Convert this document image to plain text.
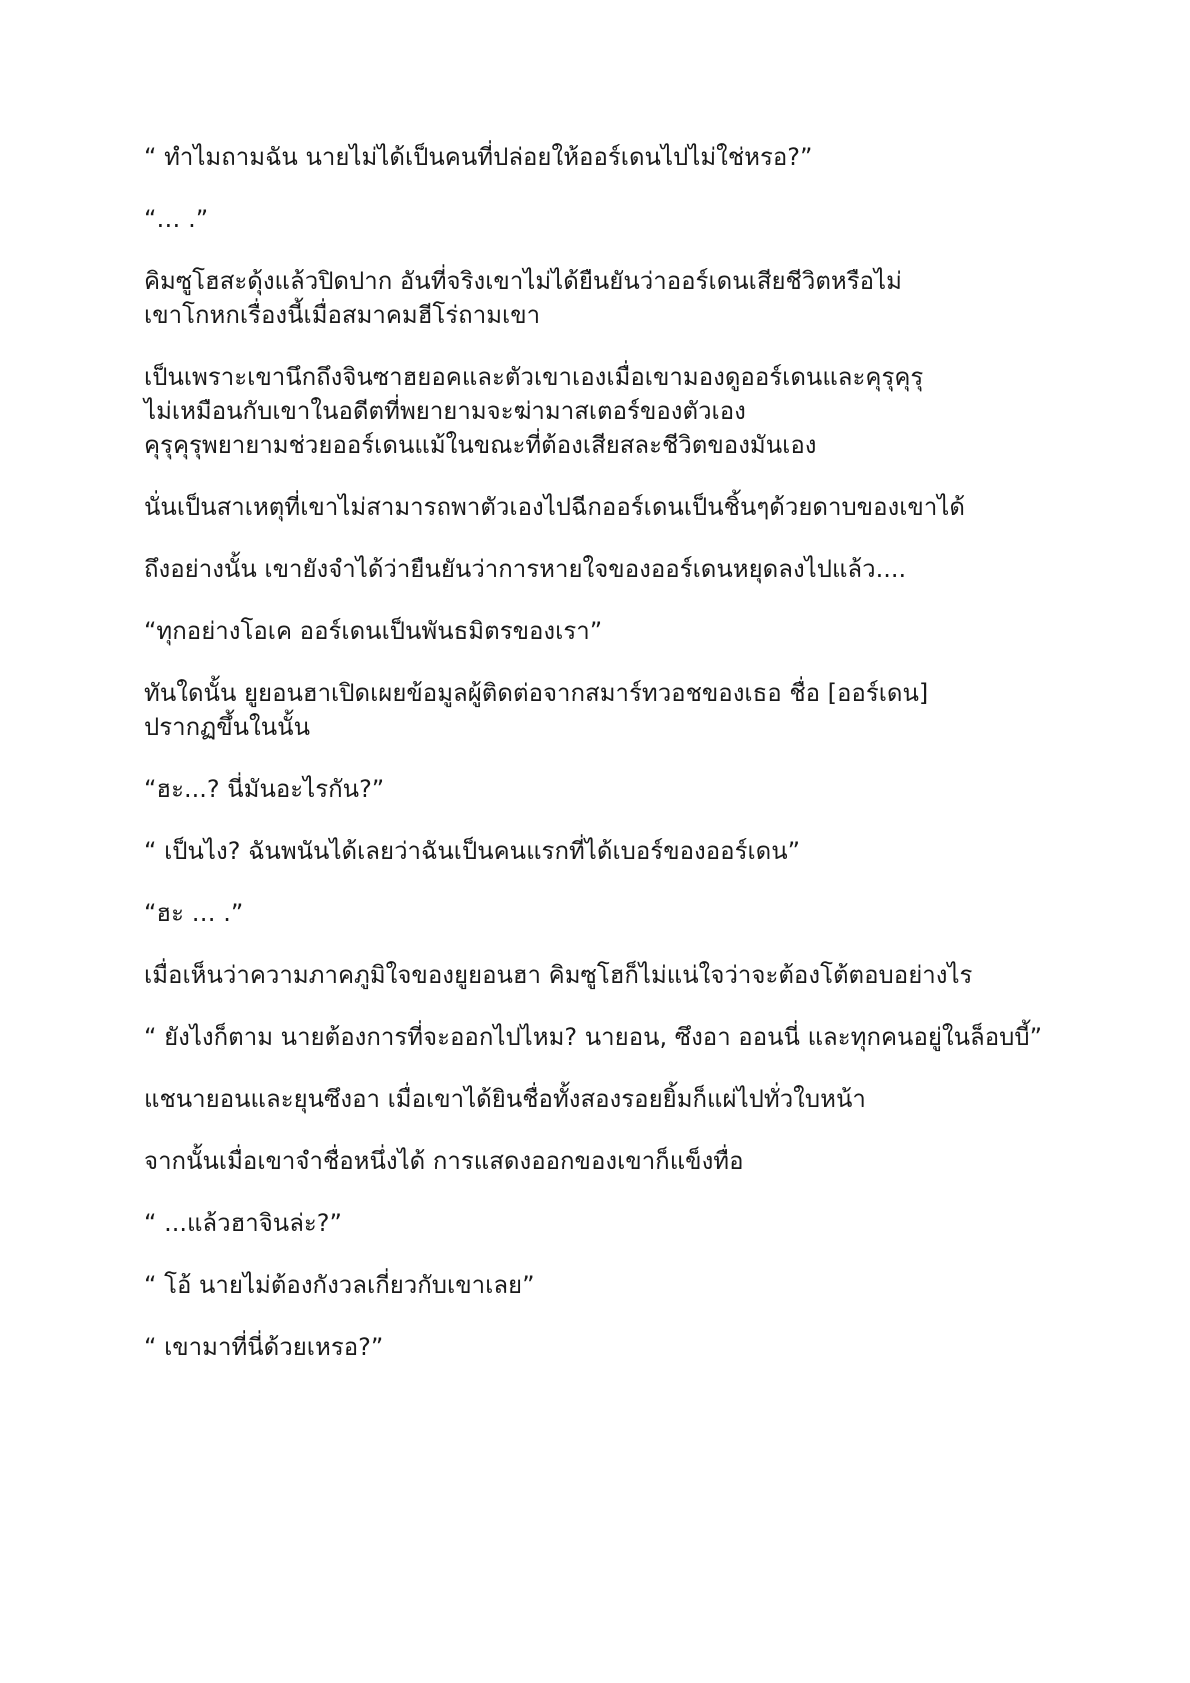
“ ทำไมถามฉัน นายไม่ได้เป็นคนที่ปล่อยให้ออร์เดนไปไม่ใช่หรอ?”

“… .”

คิมซูโฮสะดุ้งแล้วปิดปาก อันที่จริงเขาไม่ได้ยืนยันว่าออร์เดนเสียชีวิตหรือไม่
เขาโกหกเรื่องนี้เมื่อสมาคมฮีโร่ถามเขา

เป็นเพราะเขานึกถึงจินซาฮยอคและตัวเขาเองเมื่อเขามองดูออร์เดนและคุรุคุรุ
ไม่เหมือนกับเขาในอดีตที่พยายามจะฆ่ามาสเตอร์ของตัวเอง
คุรุคุรุพยายามช่วยออร์เดนแม้ในขณะที่ต้องเสียสละชีวิตของมันเอง

นั่นเป็นสาเหตุที่เขาไม่สามารถพาตัวเองไปฉีกออร์เดนเป็นชิ้นๆด้วยดาบของเขาได้

ถึงอย่างนั้น เขายังจำได้ว่ายืนยันว่าการหายใจของออร์เดนหยุดลงไปแล้ว....

“ทุกอย่างโอเค ออร์เดนเป็นพันธมิตรของเรา”

ทันใดนั้น ยูยอนฮาเปิดเผยข้อมูลผู้ติดต่อจากสมาร์ทวอชของเธอ ชื่อ [ออร์เดน]
ปรากฏขึ้นในนั้น

“ฮะ...? นี่มันอะไรกัน?”

“ เป็นไง? ฉันพนันได้เลยว่าฉันเป็นคนแรกที่ได้เบอร์ของออร์เดน”

“ฮะ … .”

เมื่อเห็นว่าความภาคภูมิใจของยูยอนฮา คิมซูโฮก็ไม่แน่ใจว่าจะต้องโต้ตอบอย่างไร

“ ยังไงก็ตาม นายต้องการที่จะออกไปไหม? นายอน, ซึงอา ออนนี่ และทุกคนอยู่ในล็อบบี้”

แชนายอนและยุนซึงอา เมื่อเขาได้ยินชื่อทั้งสองรอยยิ้มก็แผ่ไปทั่วใบหน้า

จากนั้นเมื่อเขาจำชื่อหนึ่งได้ การแสดงออกของเขาก็แข็งทื่อ

“ ...แล้วฮาจินล่ะ?”

“ โอ้ นายไม่ต้องกังวลเกี่ยวกับเขาเลย”

“ เขามาที่นี่ด้วยเหรอ?”
